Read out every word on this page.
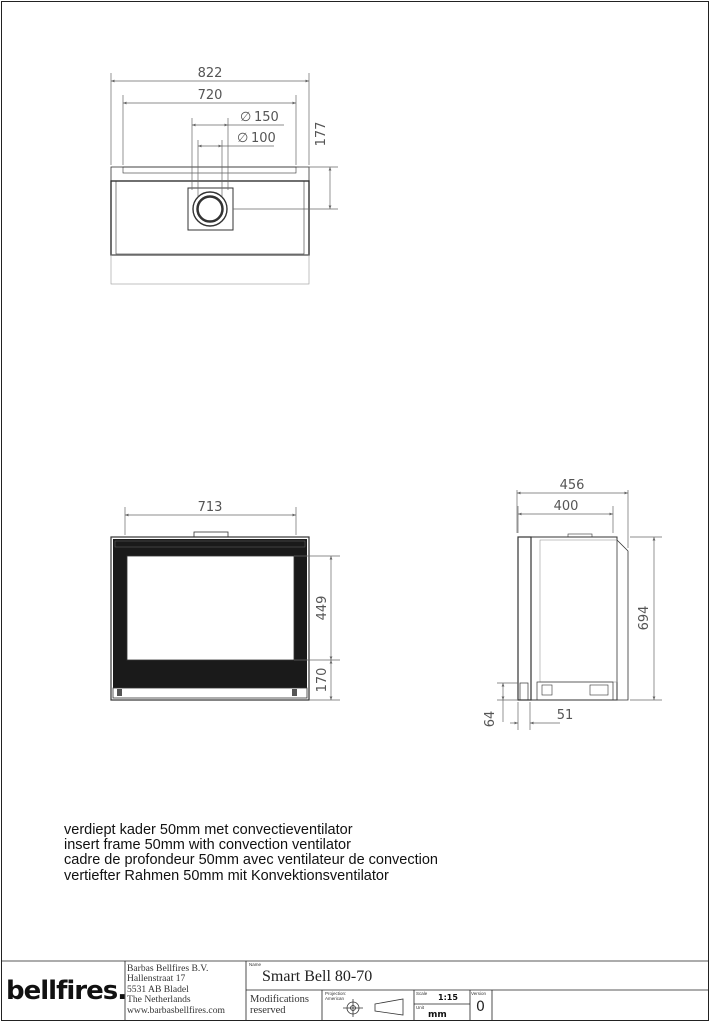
822
720
∅ 150
∅ 100	177
713
449
170
456
400
694
64	51
verdiept kader 50mm met convectieventilator
insert frame 50mm with convection ventilator
cadre de profondeur 50mm avec ventilateur de convection
vertiefter Rahmen 50mm mit Konvektionsventilator
bellfires.
Barbas Bellfires B.V.
Hallenstraat 17
5531 AB Bladel
The Netherlands
www.barbasbellfires.com
Name
Smart Bell 80-70
Modifications
reserved
Projection:
American
Scale 1:15
Unit
mm
Version
0
